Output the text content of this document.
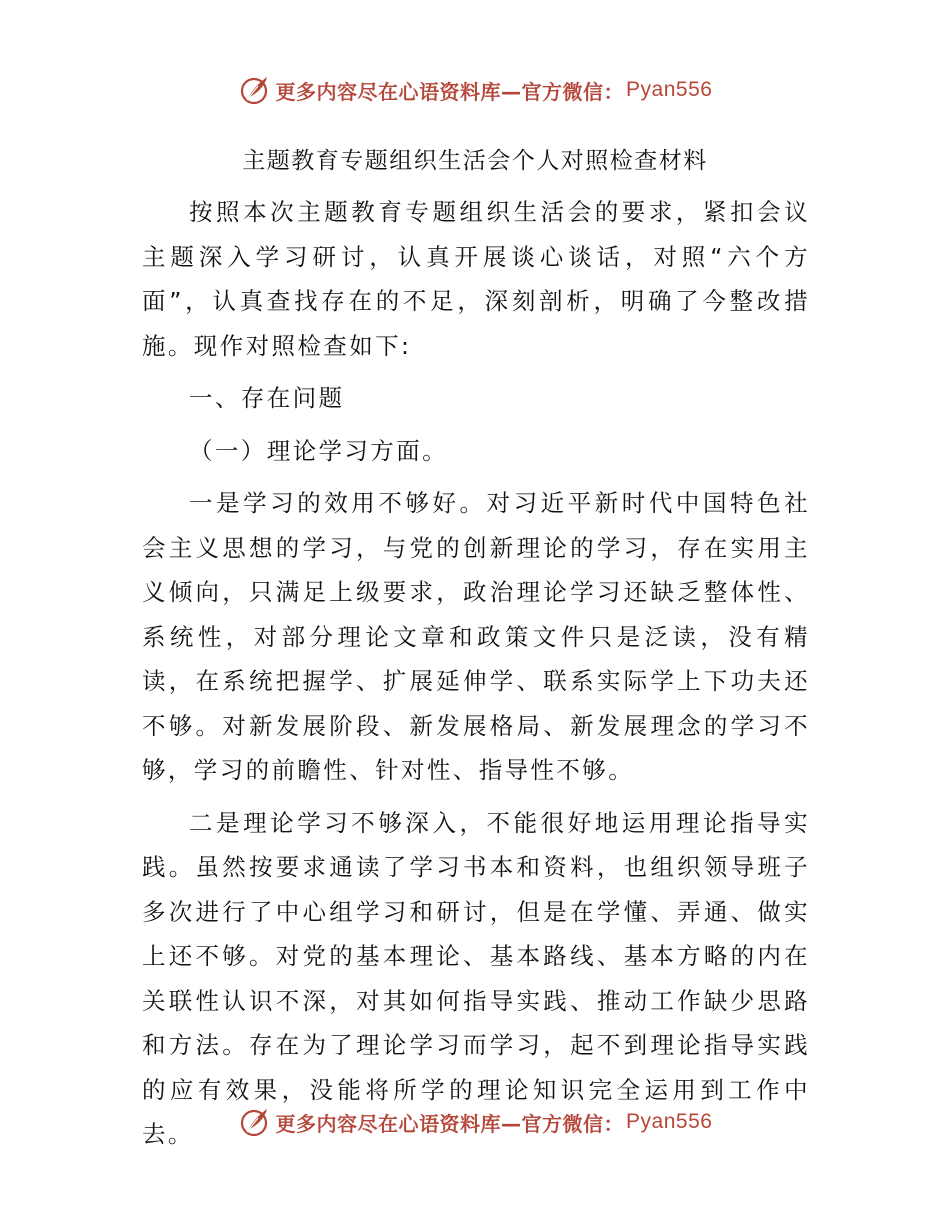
更多内容尽在心语资料库—官方微信： Pyan556
主题教育专题组织生活会个人对照检查材料

按照本次主题教育专题组织生活会的要求，紧扣会议主题深入学习研讨，认真开展谈心谈话，对照“六个方面”，认真查找存在的不足，深刻剖析，明确了今整改措施。现作对照检查如下:

一、存在问题

（一）理论学习方面。

一是学习的效用不够好。对习近平新时代中国特色社会主义思想的学习，与党的创新理论的学习，存在实用主义倾向，只满足上级要求，政治理论学习还缺乏整体性、系统性，对部分理论文章和政策文件只是泛读，没有精读，在系统把握学、扩展延伸学、联系实际学上下功夫还不够。对新发展阶段、新发展格局、新发展理念的学习不够，学习的前瞻性、针对性、指导性不够。

二是理论学习不够深入，不能很好地运用理论指导实践。虽然按要求通读了学习书本和资料，也组织领导班子多次进行了中心组学习和研讨，但是在学懂、弄通、做实上还不够。对党的基本理论、基本路线、基本方略的内在关联性认识不深，对其如何指导实践、推动工作缺少思路和方法。存在为了理论学习而学习，起不到理论指导实践的应有效果，没能将所学的理论知识完全运用到工作中去。	更多内容尽在心语资料库—官方微信： Pyan556
